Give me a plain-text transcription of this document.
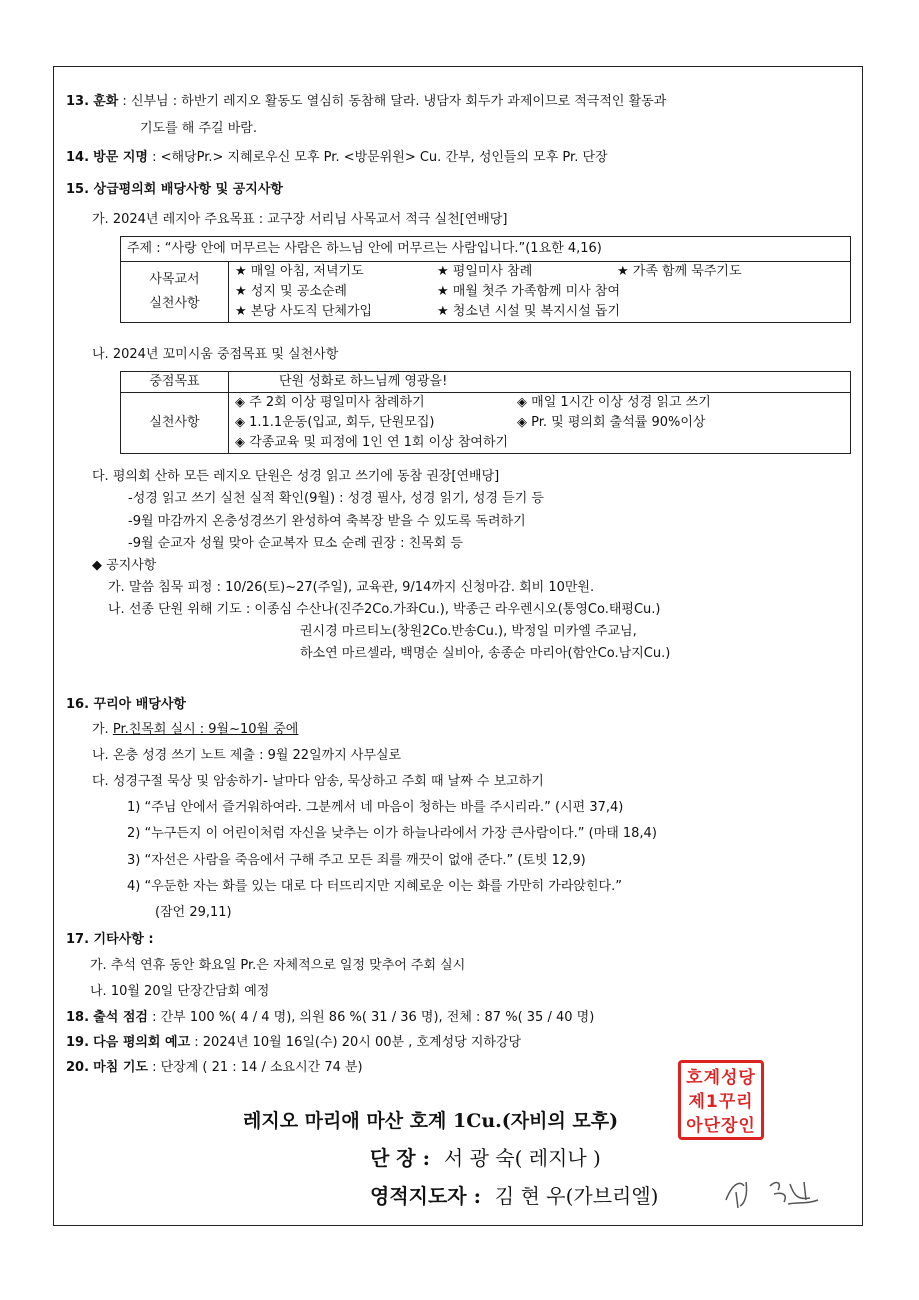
13. 훈화 : 신부님 : 하반기 레지오 활동도 열심히 동참해 달라. 냉담자 회두가 과제이므로 적극적인 활동과
기도를 해 주길 바람.
14. 방문 지명 : <해당Pr.> 지혜로우신 모후 Pr. <방문위원> Cu. 간부, 성인들의 모후 Pr. 단장
15. 상급평의회 배당사항 및 공지사항
가. 2024년 레지아 주요목표 : 교구장 서리님 사목교서 적극 실천[연배당]
주제 : “사랑 안에 머무르는 사람은 하느님 안에 머무르는 사람입니다.”(1요한 4,16)			
사목교서
실천사항	★ 매일 아침, 저녁기도	★ 평일미사 참례	★ 가족 함께 묵주기도
	★ 성지 및 공소순례	★ 매월 첫주 가족함께 미사 참여	
	★ 본당 사도직 단체가입	★ 청소년 시설 및 복지시설 돕기	
나. 2024년 꼬미시움 중점목표 및 실천사항
중점목표	단원 성화로 하느님께 영광을!	
실천사항	◈ 주 2회 이상 평일미사 참례하기	◈ 매일 1시간 이상 성경 읽고 쓰기
	◈ 1.1.1운동(입교, 회두, 단원모집)	◈ Pr. 및 평의회 출석률 90%이상
	◈ 각종교육 및 피정에 1인 연 1회 이상 참여하기	
다. 평의회 산하 모든 레지오 단원은 성경 읽고 쓰기에 동참 권장[연배당]
-성경 읽고 쓰기 실천 실적 확인(9월) : 성경 필사, 성경 읽기, 성경 듣기 등
-9월 마감까지 온충성경쓰기 완성하여 축복장 받을 수 있도록 독려하기
-9월 순교자 성월 맞아 순교복자 묘소 순례 권장 : 친목회 등
◆ 공지사항
가. 말씀 침묵 피정 : 10/26(토)~27(주일), 교육관, 9/14까지 신청마감. 회비 10만원.
나. 선종 단원 위해 기도 : 이종심 수산나(진주2Co.가좌Cu.), 박종근 라우렌시오(통영Co.태평Cu.)
권시경 마르티노(창원2Co.반송Cu.), 박정일 미카엘 주교님,
하소연 마르셀라, 백명순 실비아, 송종순 마리아(함안Co.남지Cu.)
16. 꾸리아 배당사항
가. Pr.친목회 실시 : 9월~10월 중에
나. 온충 성경 쓰기 노트 제출 : 9월 22일까지 사무실로
다. 성경구절 묵상 및 암송하기- 날마다 암송, 묵상하고 주회 때 날짜 수 보고하기
1) “주님 안에서 즐거워하여라. 그분께서 네 마음이 청하는 바를 주시리라.” (시편 37,4)
2) “누구든지 이 어린이처럼 자신을 낮추는 이가 하늘나라에서 가장 큰사람이다.” (마태 18,4)
3) “자선은 사람을 죽음에서 구해 주고 모든 죄를 깨끗이 없애 준다.” (토빗 12,9)
4) “우둔한 자는 화를 있는 대로 다 터뜨리지만 지혜로운 이는 화를 가만히 가라앉힌다.”
(잠언 29,11)
17. 기타사항 :
가. 추석 연휴 동안 화요일 Pr.은 자체적으로 일정 맞추어 주회 실시
나. 10월 20일 단장간담회 예정
18. 출석 점검 : 간부 100 %( 4 / 4 명), 의원 86 %( 31 / 36 명), 전체 : 87 %( 35 / 40 명)
19. 다음 평의회 예고 : 2024년 10월 16일(수) 20시 00분 , 호계성당 지하강당
20. 마침 기도 : 단장계 ( 21 : 14 / 소요시간 74 분)
레지오 마리애 마산 호계 1Cu.(자비의 모후)
단 장 : 서 광 숙( 레지나 )
영적지도자 : 김 현 우(가브리엘)
호계성당
제1꾸리
아단장인
